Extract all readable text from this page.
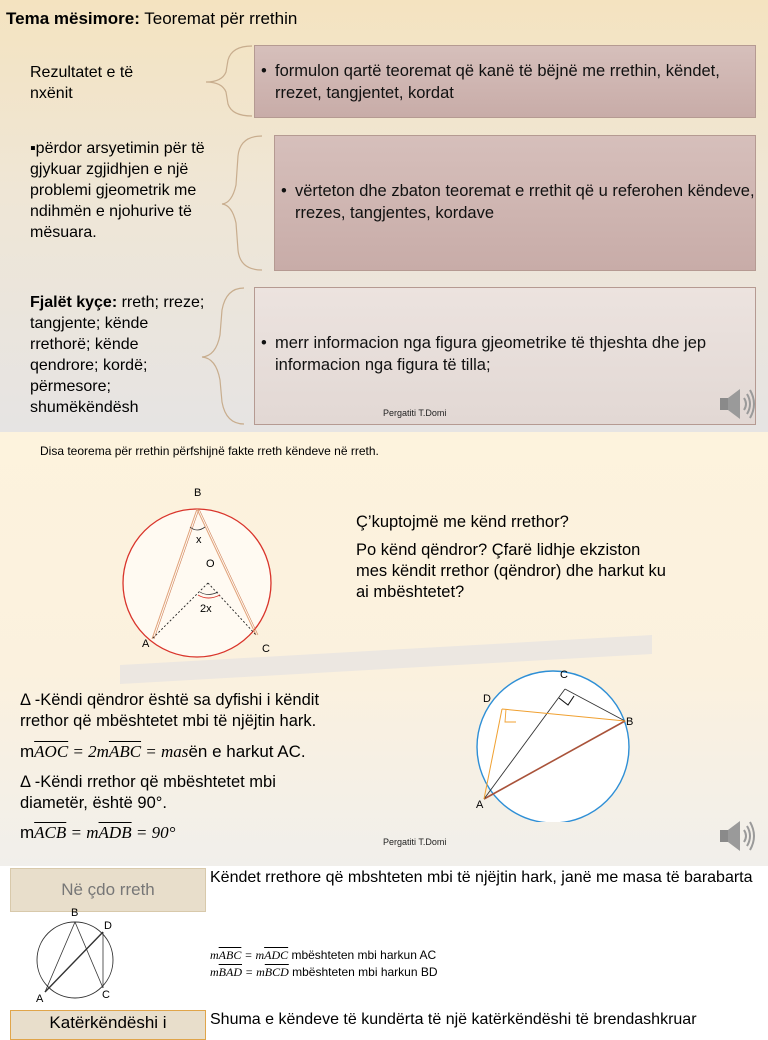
Tema mësimore: Teoremat për rrethin
Rezultatet e të nxënit
• formulon qartë teoremat që kanë të bëjnë me rrethin, këndet, rrezet, tangjentet, kordat
▪përdor arsyetimin për të gjykuar zgjidhjen e një problemi gjeometrik me ndihmën e njohurive të mësuara.
• vërteton dhe zbaton teoremat e rrethit që u referohen këndeve, rrezes, tangjentes, kordave
Fjalët kyçe: rreth; rreze; tangjente; kënde rrethorë; kënde qendrore; kordë; përmesore; shumëkëndësh
• merr informacion nga figura gjeometrike të thjeshta dhe jep informacion nga figura të tilla;
Pergatiti T.Domi
Disa teorema për rrethin përfshijnë fakte rreth këndeve në rreth.
B
x
O
2x
A	C
Ç’kuptojmë me kënd rrethor?
Po kënd qëndror? Çfarë lidhje ekziston mes këndit rrethor (qëndror) dhe harkut ku ai mbështetet?
C
D
B
A
Δ -Këndi qëndror është sa dyfishi i këndit rrethor që mbështetet mbi të njëjtin hark.
$m\overline{AOC} = 2m\overline{ABC}$ = masën e harkut AC.
Δ -Këndi rrethor që mbështetet mbi diametër, është 90°.
$m\overline{ACB} = m\overline{ADB} = 90^\circ$	Pergatiti T.Domi
Në çdo rreth
Këndet rrethore që mbshteten mbi të njëjtin hark, janë me masa të barabarta
B
D
A	C
$m\overline{ABC} = m\overline{ADC}$ mbështeten mbi harkun AC
$m\overline{BAD} = m\overline{BCD}$ mbështeten mbi harkun BD
Katërkëndëshi i	Shuma e këndeve të kundërta të një katërkëndëshi të brendashkruar
